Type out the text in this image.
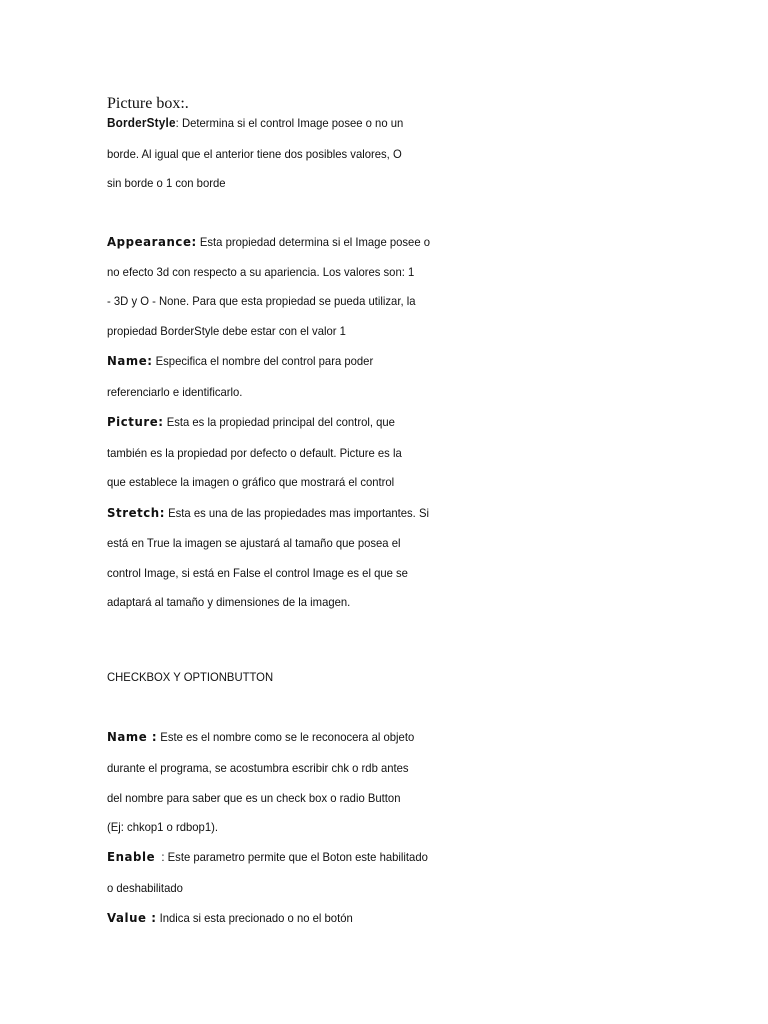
Picture box:.
BorderStyle: Determina si el control Image posee o no un
borde. Al igual que el anterior tiene dos posibles valores, O
sin borde o 1 con borde
Appearance: Esta propiedad determina si el Image posee o
no efecto 3d con respecto a su apariencia. Los valores son: 1
- 3D y O - None. Para que esta propiedad se pueda utilizar, la
propiedad BorderStyle debe estar con el valor 1
Name: Especifica el nombre del control para poder
referenciarlo e identificarlo.
Picture: Esta es la propiedad principal del control, que
también es la propiedad por defecto o default. Picture es la
que establece la imagen o gráfico que mostrará el control
Stretch: Esta es una de las propiedades mas importantes. Si
está en True la imagen se ajustará al tamaño que posea el
control Image, si está en False el control Image es el que se
adaptará al tamaño y dimensiones de la imagen.
CHECKBOX Y OPTIONBUTTON
Name : Este es el nombre como se le reconocera al objeto
durante el programa, se acostumbra escribir chk o rdb antes
del nombre para saber que es un check box o radio Button
(Ej: chkop1 o rdbop1).
Enable  : Este parametro permite que el Boton este habilitado
o deshabilitado
Value : Indica si esta precionado o no el botón
